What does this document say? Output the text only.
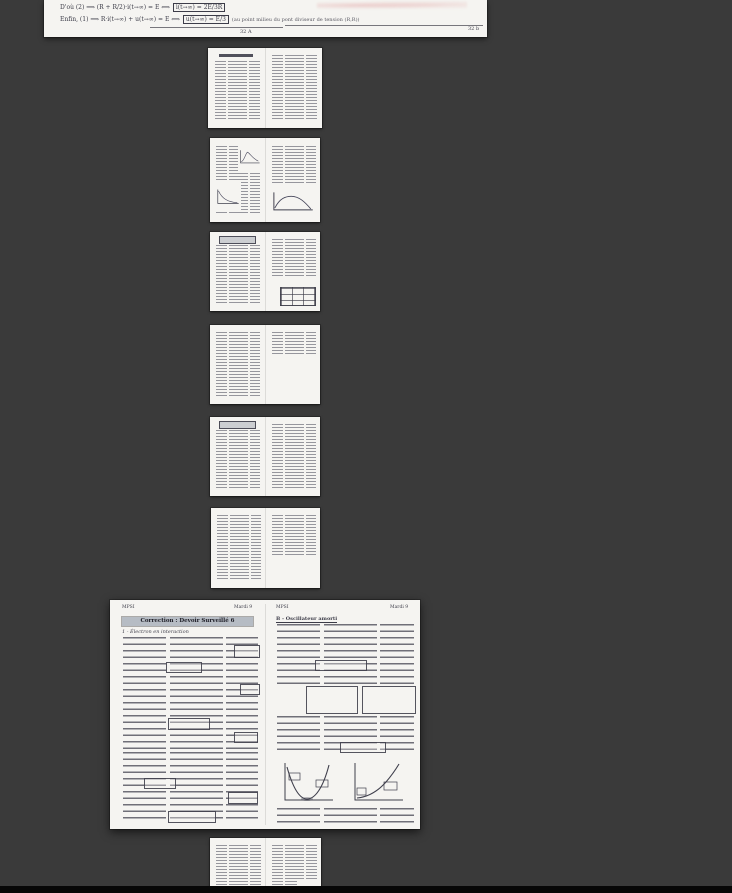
D'où (2) ⟹ (R + R/2)·i(t→∞) = E ⟺ i(t→∞) = 2E/3R
Enfin, (1) ⟹ R·i(t→∞) + u(t→∞) = E ⟺ u(t→∞) = E/3 (au point milieu du pont diviseur de tension (R,R))
32 A	32 b
MPSI	Mardi 9
Correction : Devoir Surveillé 6
1 - Électron en interaction
MPSI	Mardi 9
B - Oscillateur amorti
